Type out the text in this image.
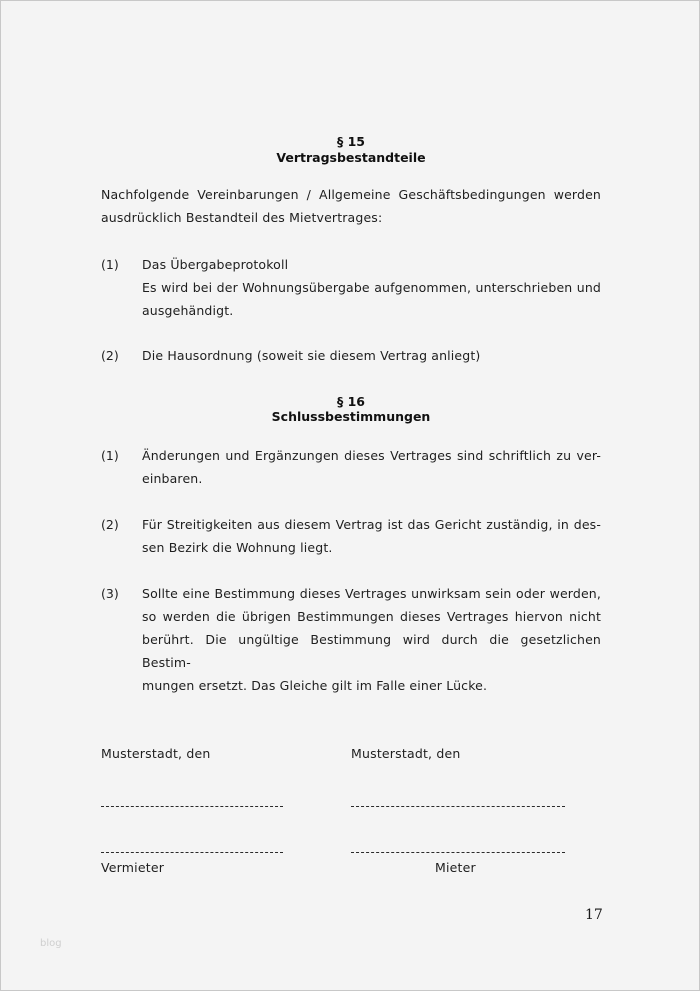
§ 15
Vertragsbestandteile
Nachfolgende Vereinbarungen / Allgemeine Geschäftsbedingungen werden
ausdrücklich Bestandteil des Mietvertrages:
(1) Das Übergabeprotokoll
Es wird bei der Wohnungsübergabe aufgenommen, unterschrieben und
ausgehändigt.
(2) Die Hausordnung (soweit sie diesem Vertrag anliegt)
§ 16
Schlussbestimmungen
(1) Änderungen und Ergänzungen dieses Vertrages sind schriftlich zu ver-
einbaren.
(2) Für Streitigkeiten aus diesem Vertrag ist das Gericht zuständig, in des-
sen Bezirk die Wohnung liegt.
(3) Sollte eine Bestimmung dieses Vertrages unwirksam sein oder werden,
so werden die übrigen Bestimmungen dieses Vertrages hiervon nicht
berührt. Die ungültige Bestimmung wird durch die gesetzlichen Bestim-
mungen ersetzt. Das Gleiche gilt im Falle einer Lücke.
Musterstadt, den	Musterstadt, den
Vermieter	Mieter
17
blog
